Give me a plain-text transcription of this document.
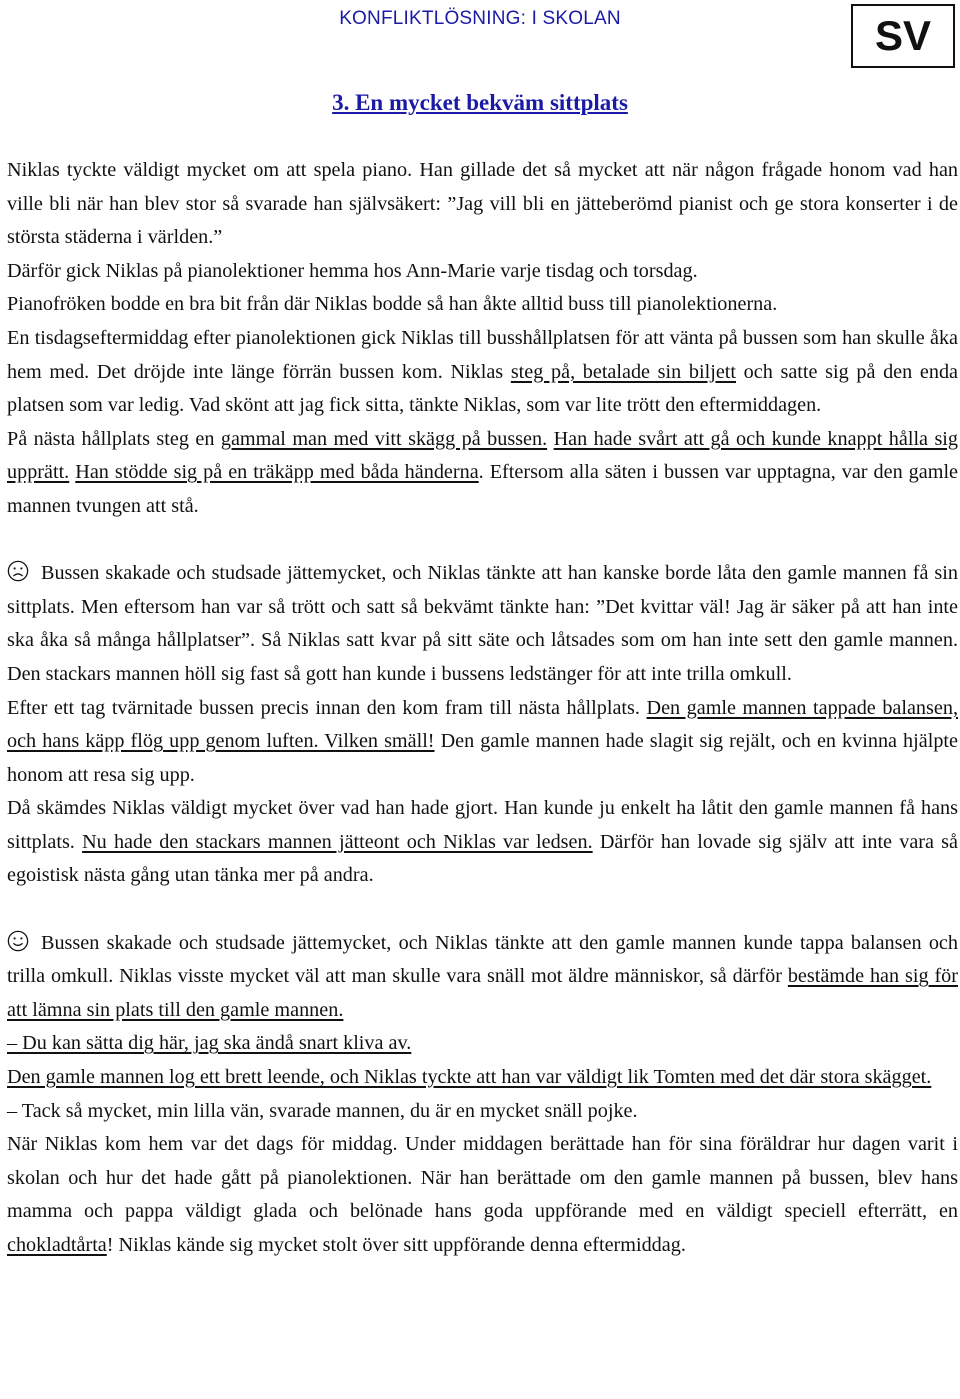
KONFLIKTLÖSNING: I SKOLAN	SV
3. En mycket bekväm sittplats

Niklas tyckte väldigt mycket om att spela piano. Han gillade det så mycket att när någon frågade honom vad han ville bli när han blev stor så svarade han självsäkert: ”Jag vill bli en jätteberömd pianist och ge stora konserter i de största städerna i världen.”

Därför gick Niklas på pianolektioner hemma hos Ann-Marie varje tisdag och torsdag.

Pianofröken bodde en bra bit från där Niklas bodde så han åkte alltid buss till pianolektionerna.

En tisdagseftermiddag efter pianolektionen gick Niklas till busshållplatsen för att vänta på bussen som han skulle åka hem med. Det dröjde inte länge förrän bussen kom. Niklas steg på, betalade sin biljett och satte sig på den enda platsen som var ledig. Vad skönt att jag fick sitta, tänkte Niklas, som var lite trött den eftermiddagen.

På nästa hållplats steg en gammal man med vitt skägg på bussen. Han hade svårt att gå och kunde knappt hålla sig upprätt. Han stödde sig på en träkäpp med båda händerna. Eftersom alla säten i bussen var upptagna, var den gamle mannen tvungen att stå.

Bussen skakade och studsade jättemycket, och Niklas tänkte att han kanske borde låta den gamle mannen få sin sittplats. Men eftersom han var så trött och satt så bekvämt tänkte han: ”Det kvittar väl! Jag är säker på att han inte ska åka så många hållplatser”. Så Niklas satt kvar på sitt säte och låtsades som om han inte sett den gamle mannen. Den stackars mannen höll sig fast så gott han kunde i bussens ledstänger för att inte trilla omkull.

Efter ett tag tvärnitade bussen precis innan den kom fram till nästa hållplats. Den gamle mannen tappade balansen, och hans käpp flög upp genom luften. Vilken smäll! Den gamle mannen hade slagit sig rejält, och en kvinna hjälpte honom att resa sig upp.

Då skämdes Niklas väldigt mycket över vad han hade gjort. Han kunde ju enkelt ha låtit den gamle mannen få hans sittplats. Nu hade den stackars mannen jätteont och Niklas var ledsen. Därför han lovade sig själv att inte vara så egoistisk nästa gång utan tänka mer på andra.

Bussen skakade och studsade jättemycket, och Niklas tänkte att den gamle mannen kunde tappa balansen och trilla omkull. Niklas visste mycket väl att man skulle vara snäll mot äldre människor, så därför bestämde han sig för att lämna sin plats till den gamle mannen.

– Du kan sätta dig här, jag ska ändå snart kliva av.

Den gamle mannen log ett brett leende, och Niklas tyckte att han var väldigt lik Tomten med det där stora skägget.

– Tack så mycket, min lilla vän, svarade mannen, du är en mycket snäll pojke.

När Niklas kom hem var det dags för middag. Under middagen berättade han för sina föräldrar hur dagen varit i skolan och hur det hade gått på pianolektionen. När han berättade om den gamle mannen på bussen, blev hans mamma och pappa väldigt glada och belönade hans goda uppförande med en väldigt speciell efterrätt, en chokladtårta! Niklas kände sig mycket stolt över sitt uppförande denna eftermiddag.
